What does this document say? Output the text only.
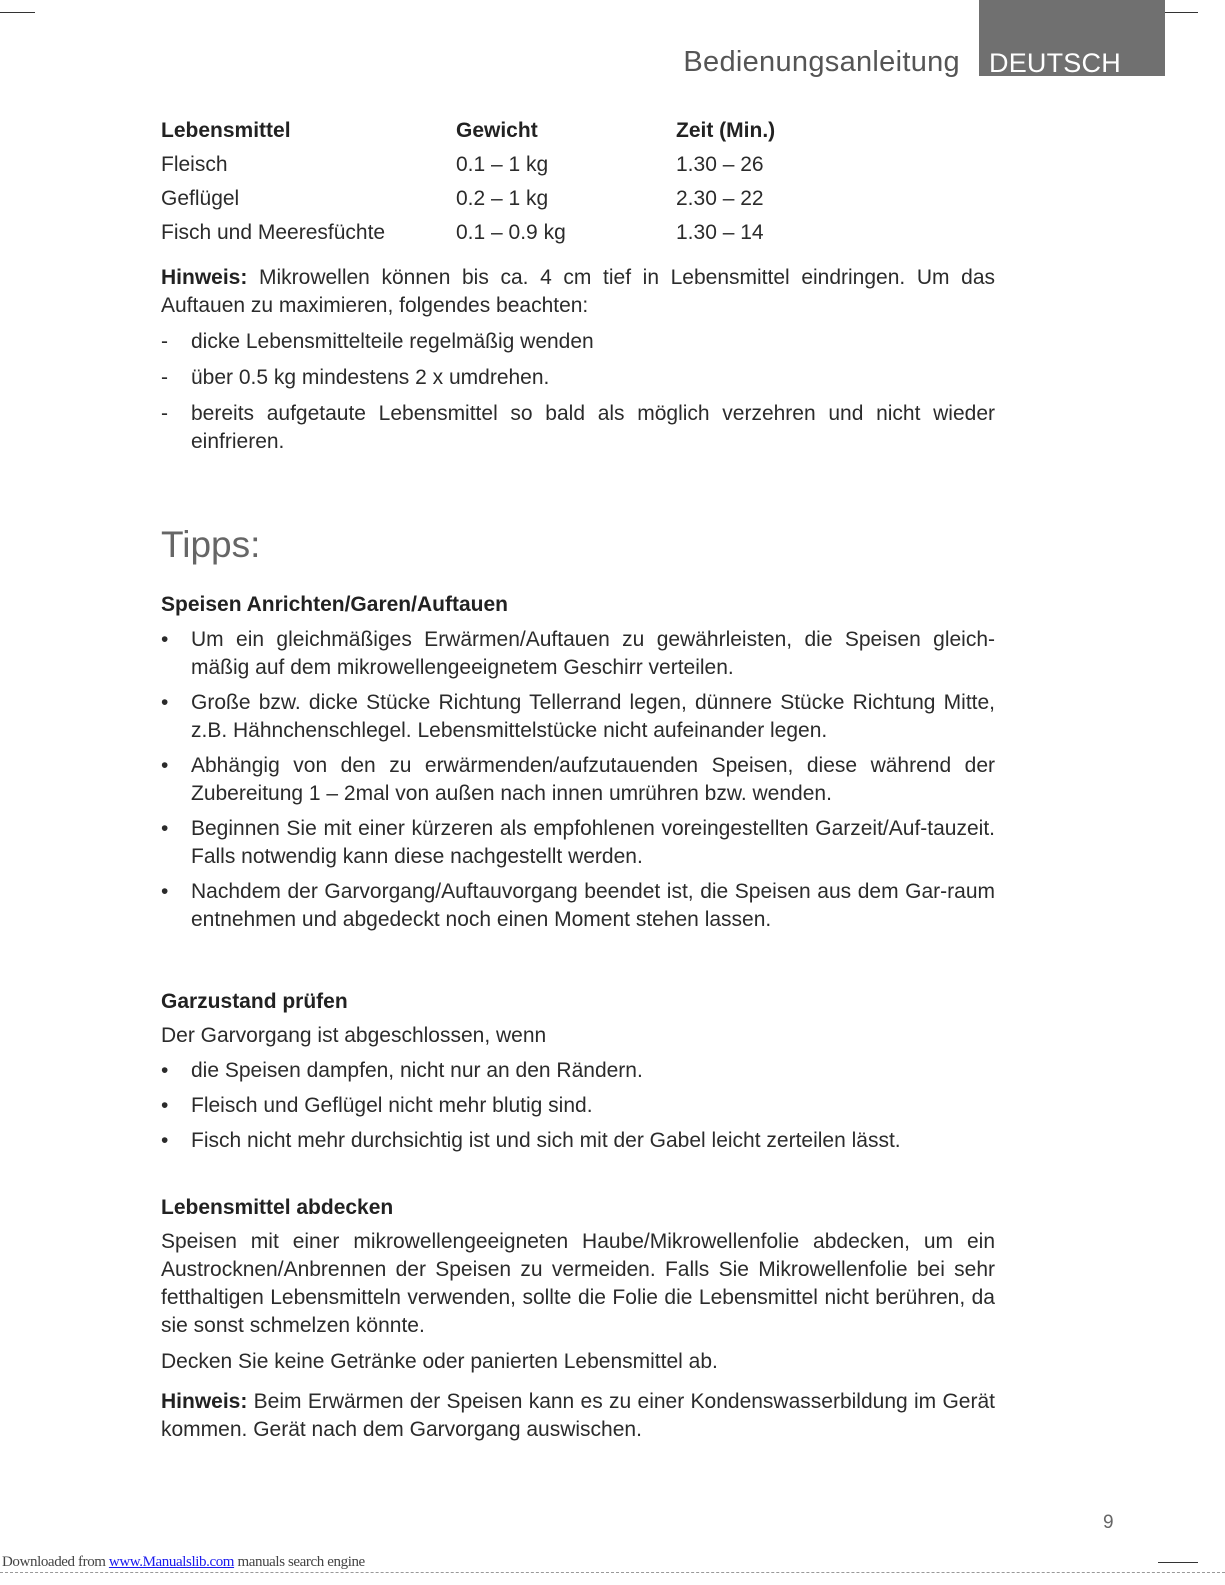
Bedienungsanleitung DEUTSCH
Lebensmittel	Gewicht	Zeit (Min.)
Fleisch	0.1 – 1 kg	1.30 – 26
Geflügel	0.2 – 1 kg	2.30 – 22
Fisch und Meeresfüchte	0.1 – 0.9 kg	1.30 – 14

Hinweis: Mikrowellen können bis ca. 4 cm tief in Lebensmittel eindringen. Um das Auftauen zu maximieren, folgendes beachten:

- dicke Lebensmittelteile regelmäßig wenden
- über 0.5 kg mindestens 2 x umdrehen.
- bereits aufgetaute Lebensmittel so bald als möglich verzehren und nicht wieder einfrieren.
Tipps:
Speisen Anrichten/Garen/Auftauen
• Um ein gleichmäßiges Erwärmen/Auftauen zu gewährleisten, die Speisen gleich-mäßig auf dem mikrowellengeeignetem Geschirr verteilen.
• Große bzw. dicke Stücke Richtung Tellerrand legen, dünnere Stücke Richtung Mitte, z.B. Hähnchenschlegel. Lebensmittelstücke nicht aufeinander legen.
• Abhängig von den zu erwärmenden/aufzutauenden Speisen, diese während der Zubereitung 1 – 2mal von außen nach innen umrühren bzw. wenden.
• Beginnen Sie mit einer kürzeren als empfohlenen voreingestellten Garzeit/Auf-tauzeit. Falls notwendig kann diese nachgestellt werden.
• Nachdem der Garvorgang/Auftauvorgang beendet ist, die Speisen aus dem Gar-raum entnehmen und abgedeckt noch einen Moment stehen lassen.
Garzustand prüfen

Der Garvorgang ist abgeschlossen, wenn

• die Speisen dampfen, nicht nur an den Rändern.
• Fleisch und Geflügel nicht mehr blutig sind.
• Fisch nicht mehr durchsichtig ist und sich mit der Gabel leicht zerteilen lässt.
Lebensmittel abdecken

Speisen mit einer mikrowellengeeigneten Haube/Mikrowellenfolie abdecken, um ein Austrocknen/Anbrennen der Speisen zu vermeiden. Falls Sie Mikrowellenfolie bei sehr fetthaltigen Lebensmitteln verwenden, sollte die Folie die Lebensmittel nicht berühren, da sie sonst schmelzen könnte.

Decken Sie keine Getränke oder panierten Lebensmittel ab.

Hinweis: Beim Erwärmen der Speisen kann es zu einer Kondenswasserbildung im Gerät kommen. Gerät nach dem Garvorgang auswischen.

9
Downloaded from www.Manualslib.com manuals search engine
